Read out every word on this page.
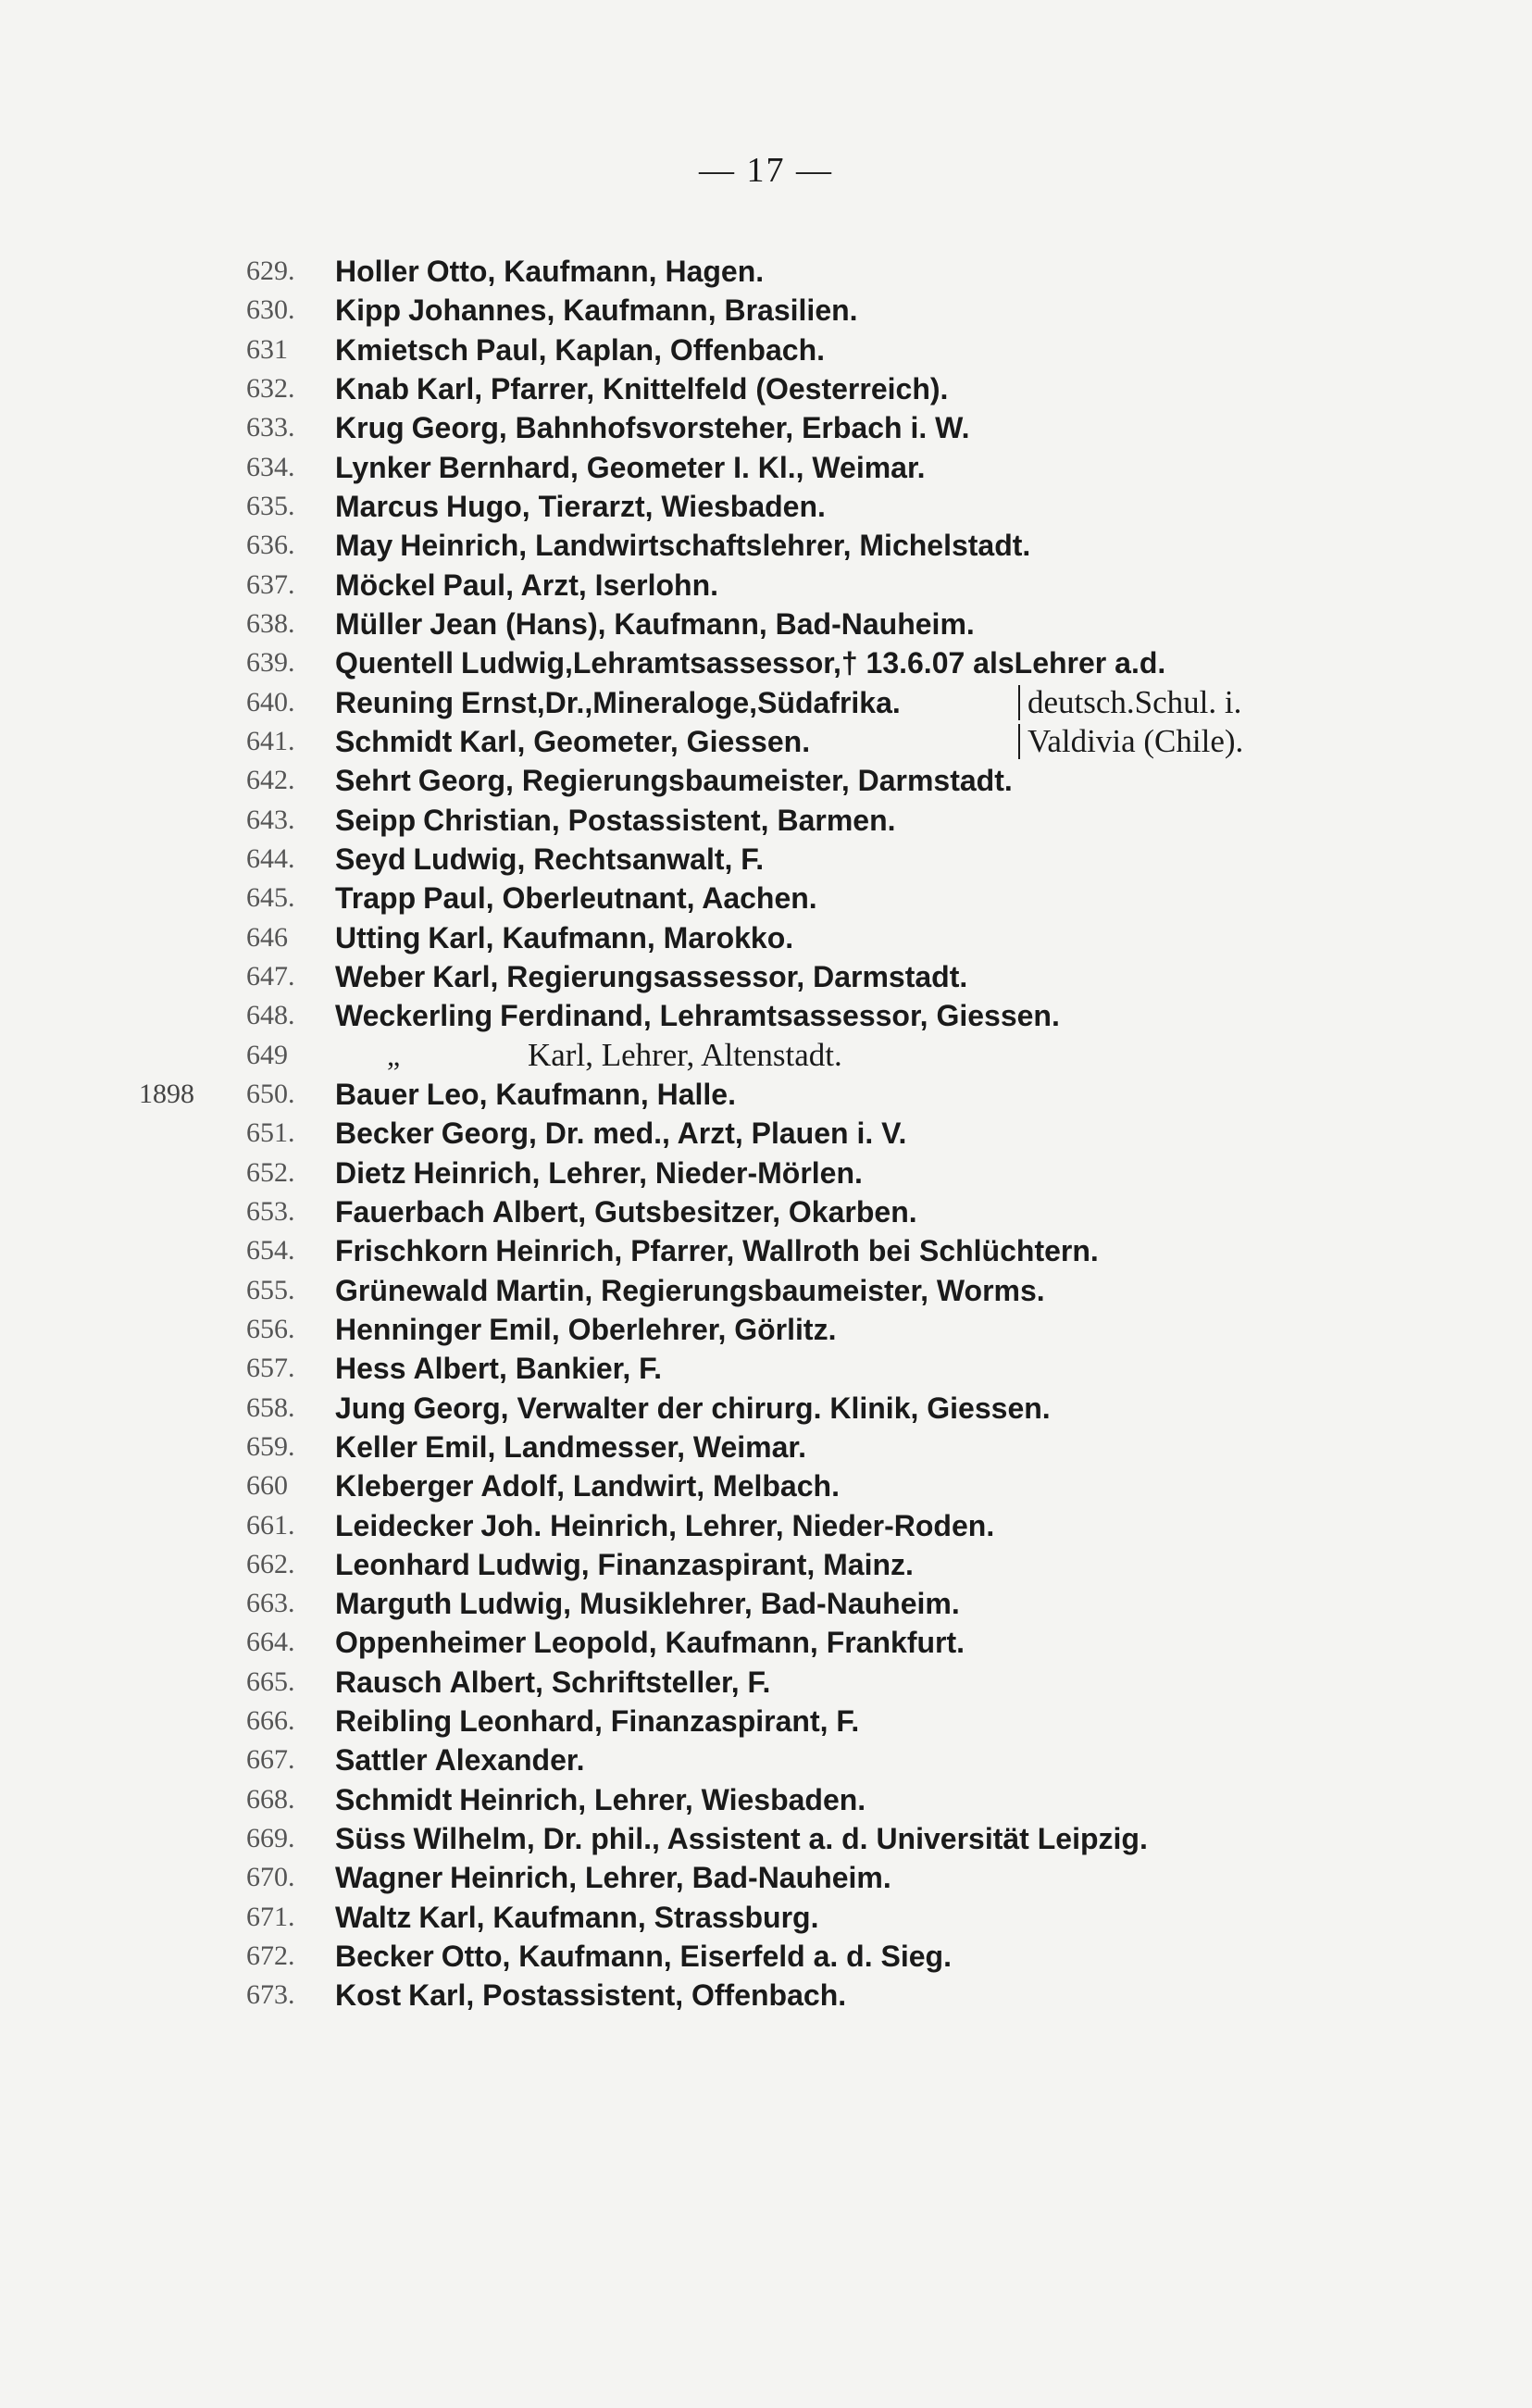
— 17 —
629.	Holler Otto, Kaufmann, Hagen.
630.	Kipp Johannes, Kaufmann, Brasilien.
631	Kmietsch Paul, Kaplan, Offenbach.
632.	Knab Karl, Pfarrer, Knittelfeld (Oesterreich).
633.	Krug Georg, Bahnhofsvorsteher, Erbach i. W.
634.	Lynker Bernhard, Geometer I. Kl., Weimar.
635.	Marcus Hugo, Tierarzt, Wiesbaden.
636.	May Heinrich, Landwirtschaftslehrer, Michelstadt.
637.	Möckel Paul, Arzt, Iserlohn.
638.	Müller Jean (Hans), Kaufmann, Bad-Nauheim.
639.	Quentell Ludwig,Lehramtsassessor,† 13.6.07 alsLehrer a.d.
640.	Reuning Ernst,Dr.,Mineraloge,Südafrika.	deutsch.Schul. i.
641.	Schmidt Karl, Geometer, Giessen.	Valdivia (Chile).
642.	Sehrt Georg, Regierungsbaumeister, Darmstadt.
643.	Seipp Christian, Postassistent, Barmen.
644.	Seyd Ludwig, Rechtsanwalt, F.
645.	Trapp Paul, Oberleutnant, Aachen.
646	Utting Karl, Kaufmann, Marokko.
647.	Weber Karl, Regierungsassessor, Darmstadt.
648.	Weckerling Ferdinand, Lehramtsassessor, Giessen.
649	„	Karl, Lehrer, Altenstadt.
1898	650.	Bauer Leo, Kaufmann, Halle.
651.	Becker Georg, Dr. med., Arzt, Plauen i. V.
652.	Dietz Heinrich, Lehrer, Nieder-Mörlen.
653.	Fauerbach Albert, Gutsbesitzer, Okarben.
654.	Frischkorn Heinrich, Pfarrer, Wallroth bei Schlüchtern.
655.	Grünewald Martin, Regierungsbaumeister, Worms.
656.	Henninger Emil, Oberlehrer, Görlitz.
657.	Hess Albert, Bankier, F.
658.	Jung Georg, Verwalter der chirurg. Klinik, Giessen.
659.	Keller Emil, Landmesser, Weimar.
660	Kleberger Adolf, Landwirt, Melbach.
661.	Leidecker Joh. Heinrich, Lehrer, Nieder-Roden.
662.	Leonhard Ludwig, Finanzaspirant, Mainz.
663.	Marguth Ludwig, Musiklehrer, Bad-Nauheim.
664.	Oppenheimer Leopold, Kaufmann, Frankfurt.
665.	Rausch Albert, Schriftsteller, F.
666.	Reibling Leonhard, Finanzaspirant, F.
667.	Sattler Alexander.
668.	Schmidt Heinrich, Lehrer, Wiesbaden.
669.	Süss Wilhelm, Dr. phil., Assistent a. d. Universität Leipzig.
670.	Wagner Heinrich, Lehrer, Bad-Nauheim.
671.	Waltz Karl, Kaufmann, Strassburg.
672.	Becker Otto, Kaufmann, Eiserfeld a. d. Sieg.
673.	Kost Karl, Postassistent, Offenbach.
